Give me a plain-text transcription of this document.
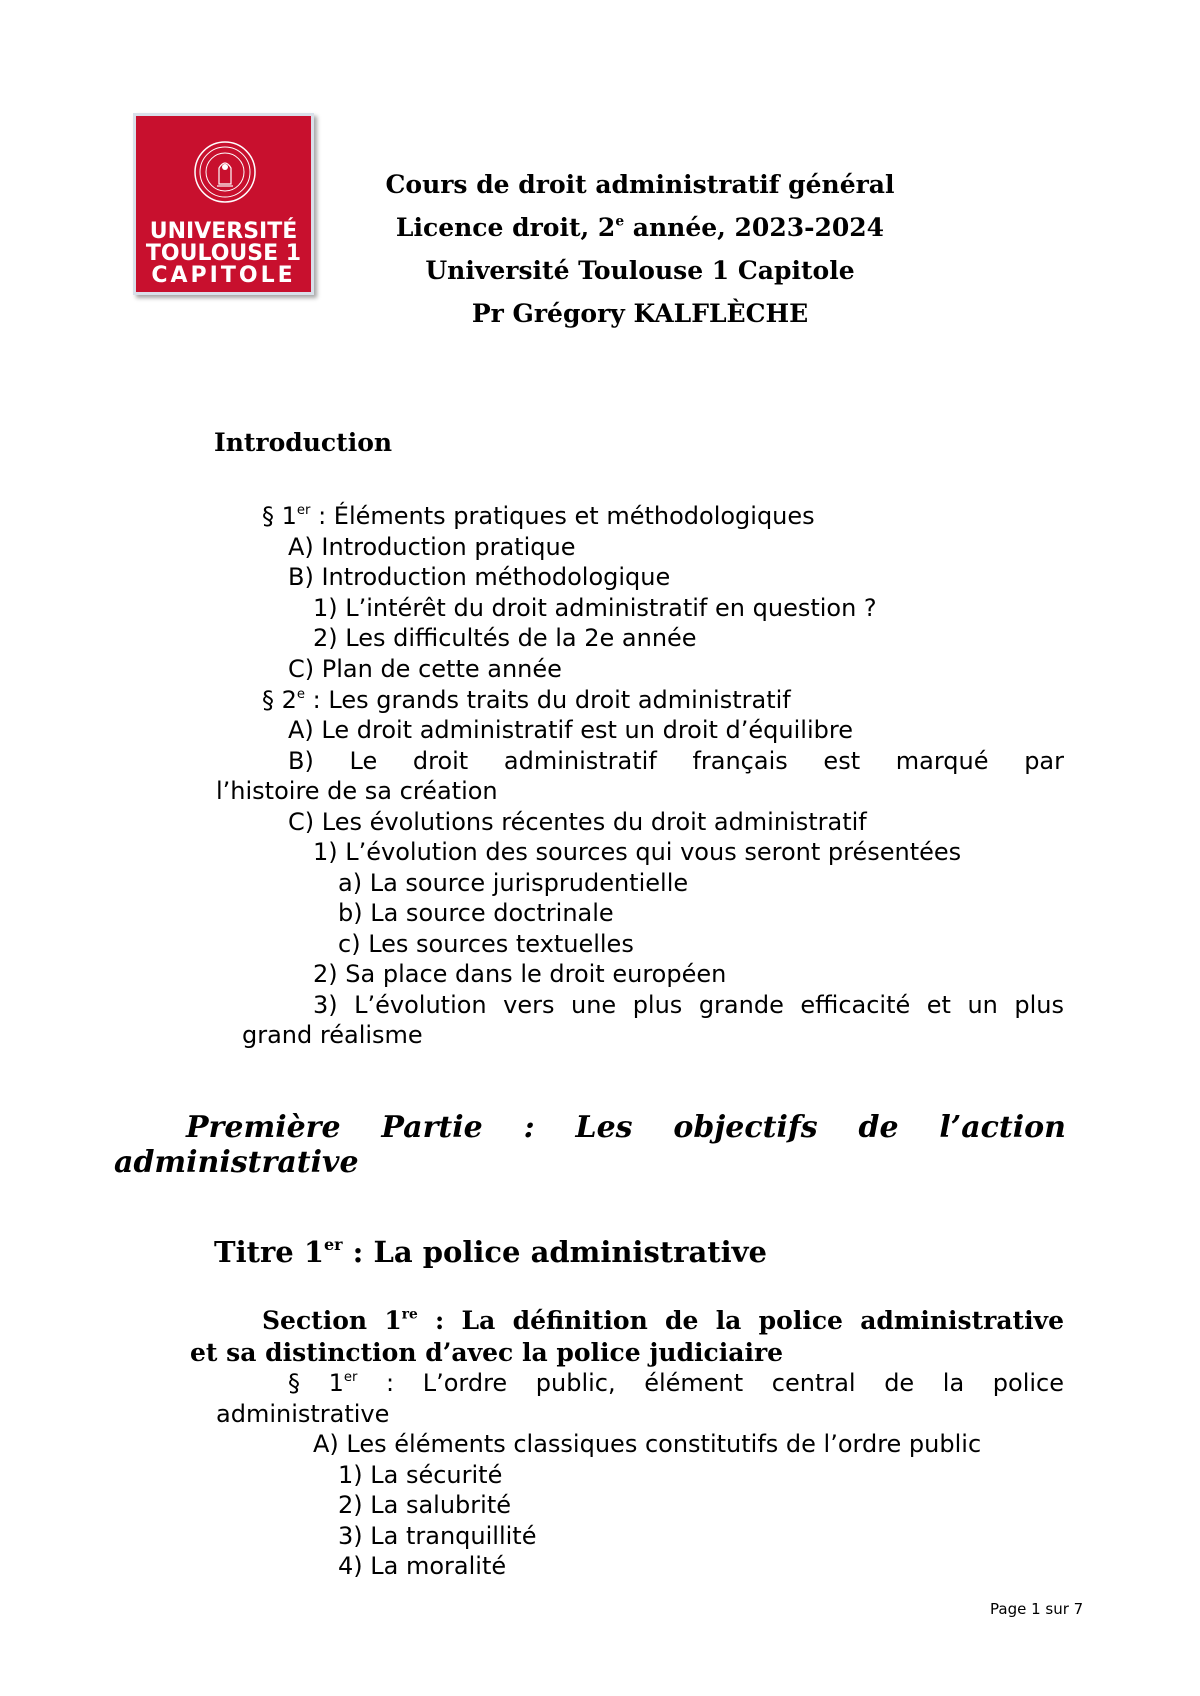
UNIVERSITÉ
TOULOUSE 1
CAPITOLE
Cours de droit administratif général
Licence droit, 2e année, 2023-2024
Université Toulouse 1 Capitole
Pr Grégory KALFLÈCHE
Introduction
§ 1er : Éléments pratiques et méthodologiques
A) Introduction pratique
B) Introduction méthodologique
1) L’intérêt du droit administratif en question ?
2) Les difficultés de la 2e année
C) Plan de cette année
§ 2e : Les grands traits du droit administratif
A) Le droit administratif est un droit d’équilibre
B) Le droit administratif français est marqué par
l’histoire de sa création
C) Les évolutions récentes du droit administratif
1) L’évolution des sources qui vous seront présentées
a) La source jurisprudentielle
b) La source doctrinale
c) Les sources textuelles
2) Sa place dans le droit européen
3) L’évolution vers une plus grande efficacité et un plus
grand réalisme
Première Partie : Les objectifs de l’action
administrative
Titre 1er : La police administrative
Section 1re : La définition de la police administrative
et sa distinction d’avec la police judiciaire
§ 1er : L’ordre public, élément central de la police
administrative
A) Les éléments classiques constitutifs de l’ordre public
1) La sécurité
2) La salubrité
3) La tranquillité
4) La moralité
Page 1 sur 7
